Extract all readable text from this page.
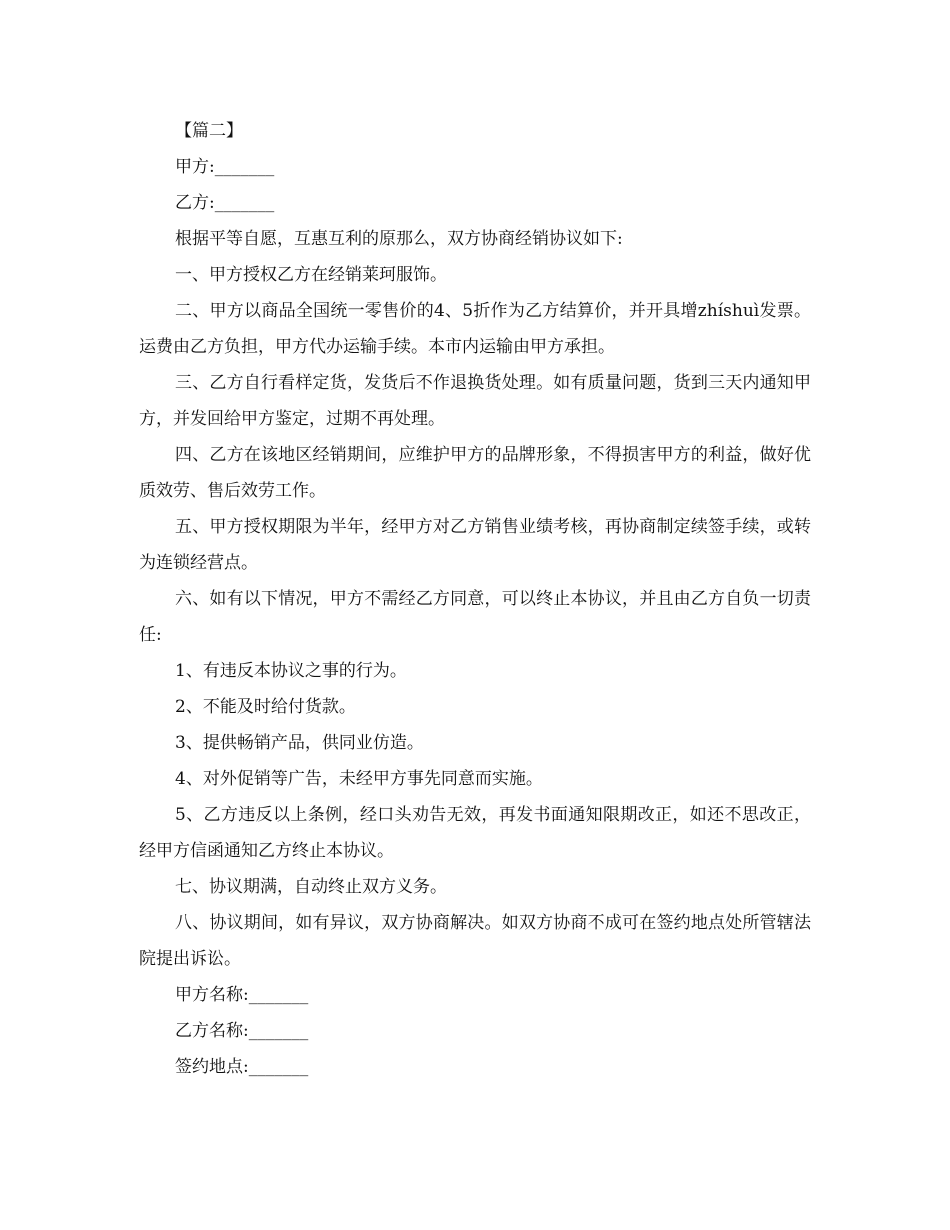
【篇二】

甲方:_______

乙方:_______

根据平等自愿，互惠互利的原那么，双方协商经销协议如下:

一、甲方授权乙方在经销莱珂服饰。

二、甲方以商品全国统一零售价的4、5折作为乙方结算价，并开具增zhíshuì发票。运费由乙方负担，甲方代办运输手续。本市内运输由甲方承担。

三、乙方自行看样定货，发货后不作退换货处理。如有质量问题，货到三天内通知甲方，并发回给甲方鉴定，过期不再处理。

四、乙方在该地区经销期间，应维护甲方的品牌形象，不得损害甲方的利益，做好优质效劳、售后效劳工作。

五、甲方授权期限为半年，经甲方对乙方销售业绩考核，再协商制定续签手续，或转为连锁经营点。

六、如有以下情况，甲方不需经乙方同意，可以终止本协议，并且由乙方自负一切责任:

1、有违反本协议之事的行为。

2、不能及时给付货款。

3、提供畅销产品，供同业仿造。

4、对外促销等广告，未经甲方事先同意而实施。

5、乙方违反以上条例，经口头劝告无效，再发书面通知限期改正，如还不思改正，经甲方信函通知乙方终止本协议。

七、协议期满，自动终止双方义务。

八、协议期间，如有异议，双方协商解决。如双方协商不成可在签约地点处所管辖法院提出诉讼。

甲方名称:_______

乙方名称:_______

签约地点:_______
